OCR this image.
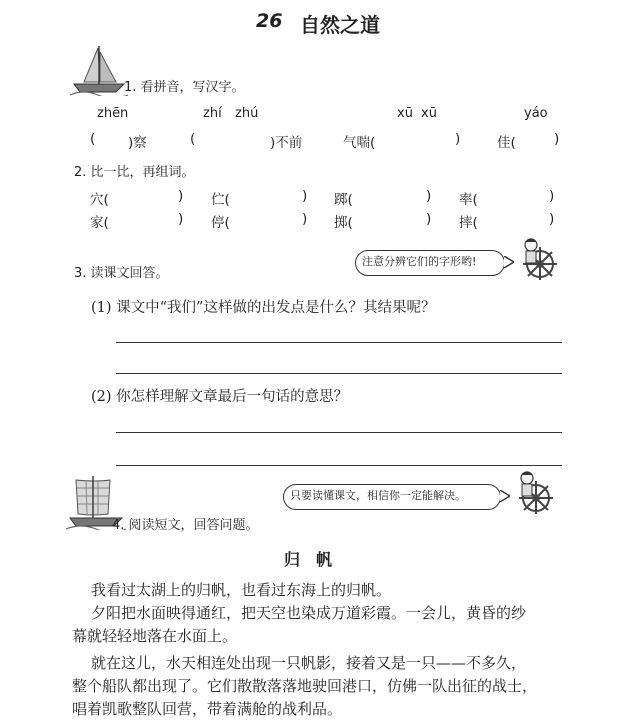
26 自然之道
1. 看拼音，写汉字。
zhēn	zhí zhú	xū xū	yáo
( )察	(	)不前	气喘(	)	佳(	)
2. 比一比，再组词。
穴(	) 伫(	) 踯(	) 率(	)
家(	) 停(	) 掷(	) 摔(	)
3. 读课文回答。
注意分辨它们的字形哟!
(1) 课文中“我们”这样做的出发点是什么？其结果呢？
(2) 你怎样理解文章最后一句话的意思？
4. 阅读短文，回答问题。
只要读懂课文，相信你一定能解决。
归　帆
我看过太湖上的归帆，也看过东海上的归帆。
夕阳把水面映得通红，把天空也染成万道彩霞。一会儿，黄昏的纱
幕就轻轻地落在水面上。
就在这儿，水天相连处出现一只帆影，接着又是一只——不多久，
整个船队都出现了。它们散散落落地驶回港口，仿佛一队出征的战士，
唱着凯歌整队回营，带着满舱的战利品。
